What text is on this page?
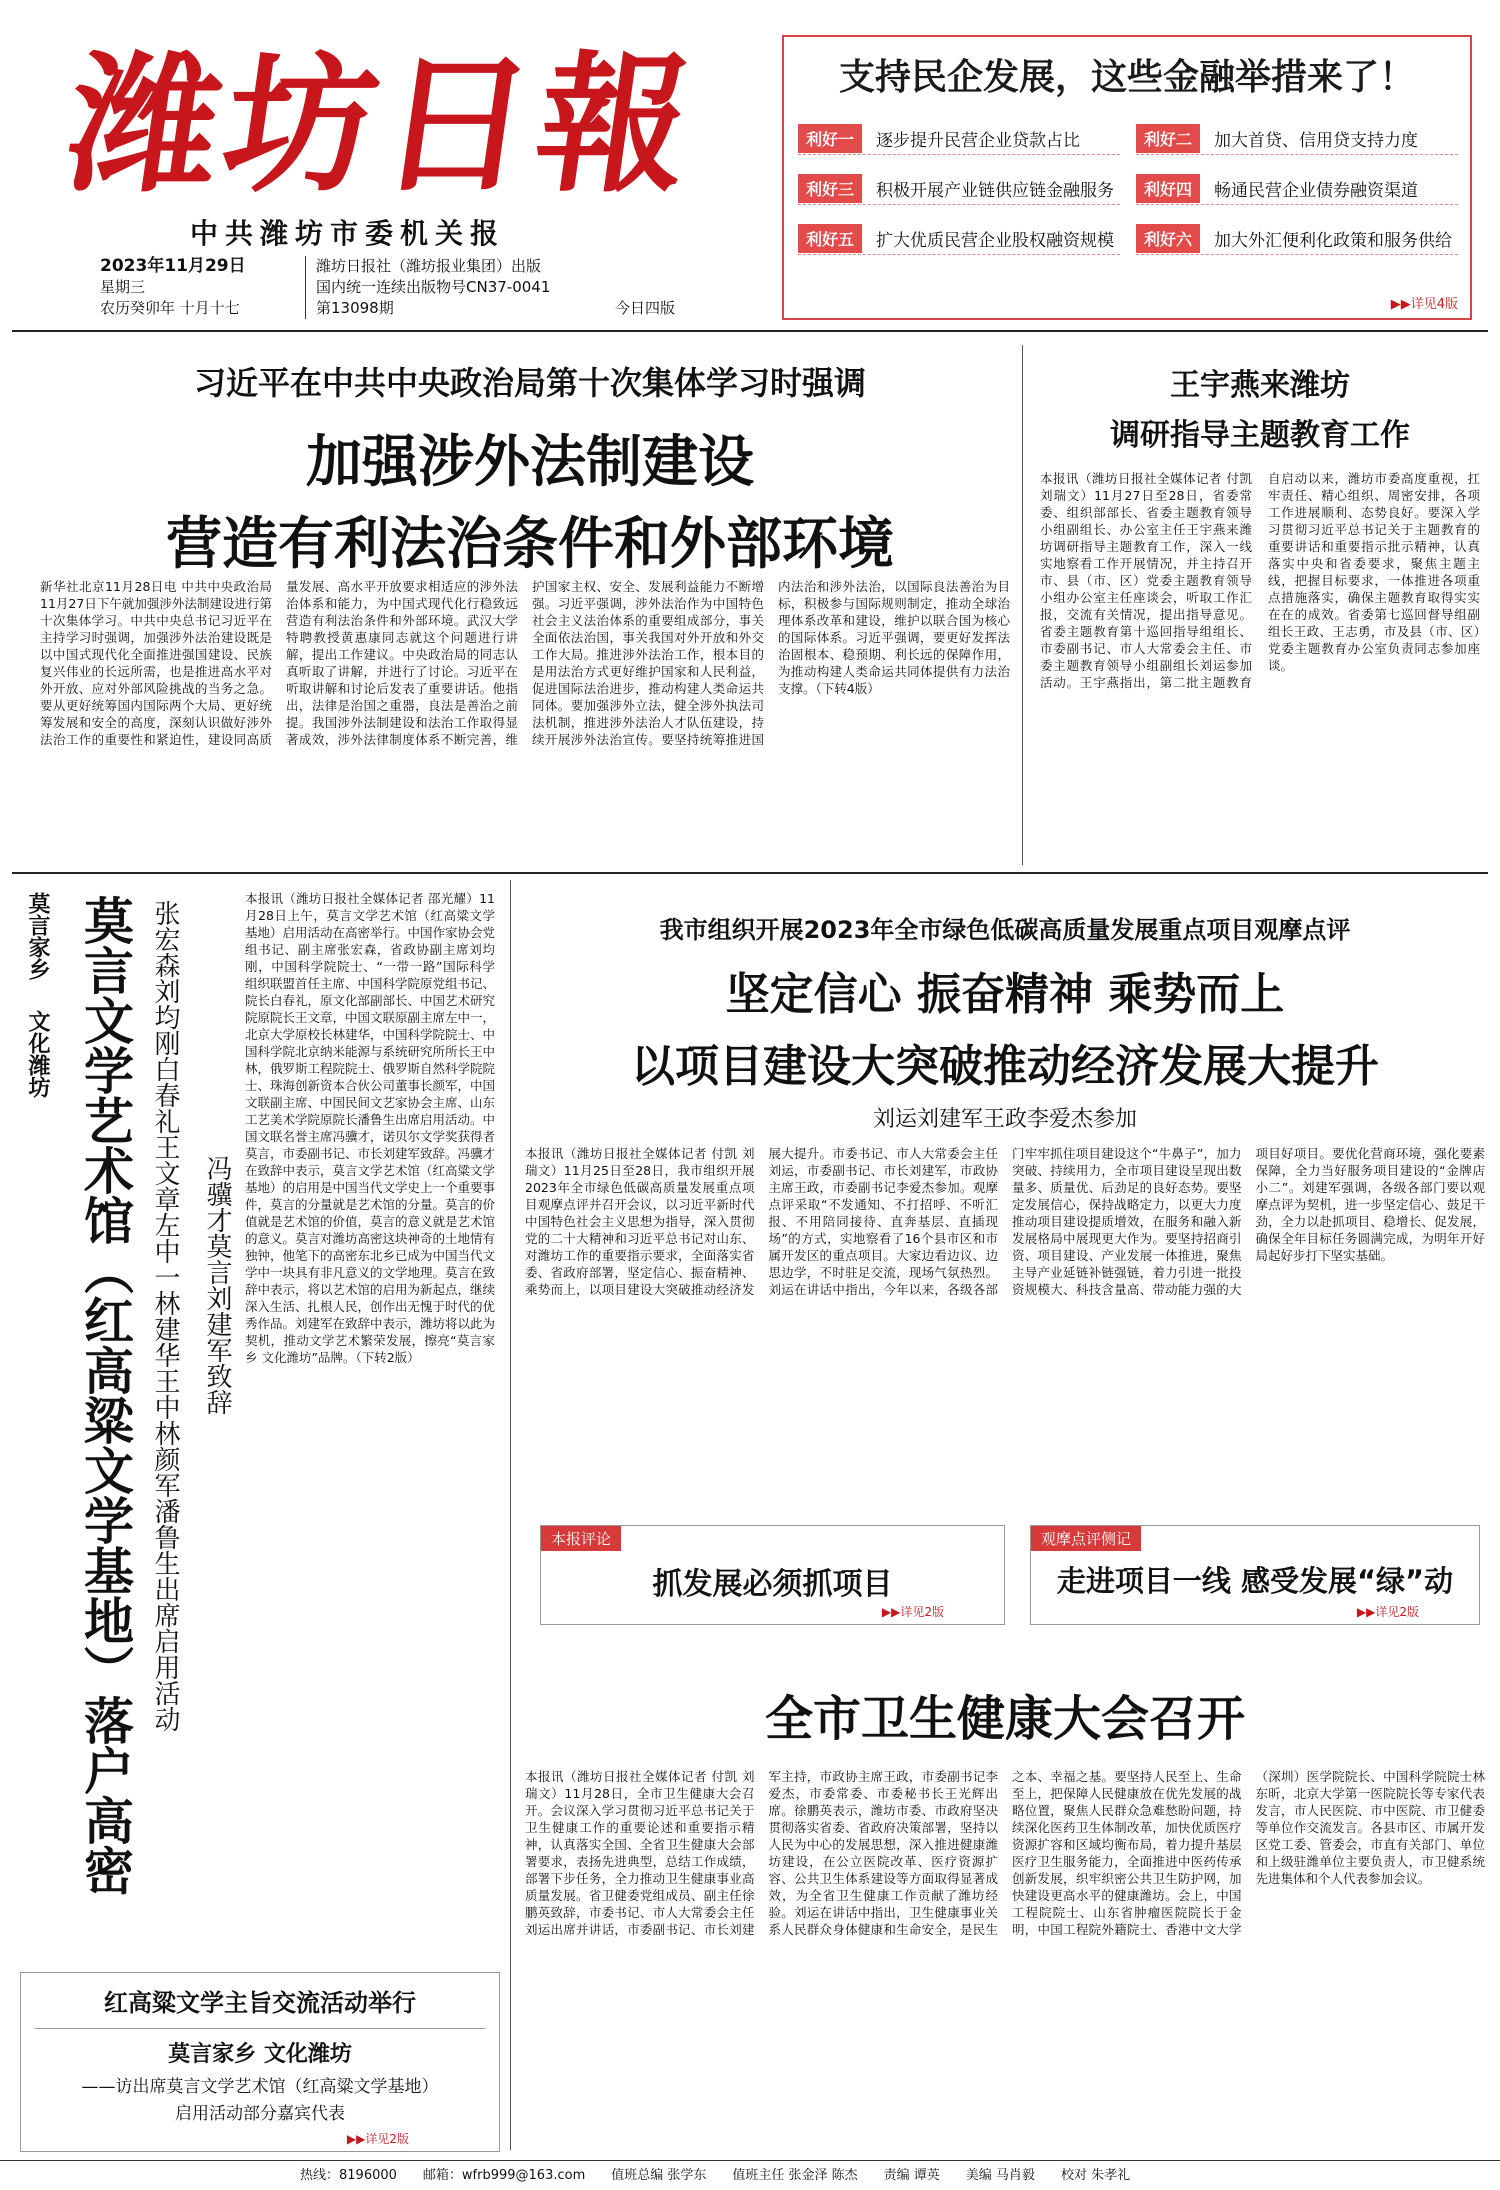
潍坊日報
中共潍坊市委机关报
2023年11月29日
星期三
农历癸卯年 十月十七
潍坊日报社（潍坊报业集团）出版
国内统一连续出版物号CN37-0041
第13098期	今日四版
支持民企发展，这些金融举措来了！
利好一	逐步提升民营企业贷款占比	利好二	加大首贷、信用贷支持力度
利好三	积极开展产业链供应链金融服务	利好四	畅通民营企业债券融资渠道
利好五	扩大优质民营企业股权融资规模	利好六	加大外汇便利化政策和服务供给
▶▶详见4版
习近平在中共中央政治局第十次集体学习时强调
加强涉外法制建设
营造有利法治条件和外部环境
新华社北京11月28日电 中共中央政治局11月27日下午就加强涉外法制建设进行第十次集体学习。中共中央总书记习近平在主持学习时强调，加强涉外法治建设既是以中国式现代化全面推进强国建设、民族复兴伟业的长远所需，也是推进高水平对外开放、应对外部风险挑战的当务之急。要从更好统筹国内国际两个大局、更好统筹发展和安全的高度，深刻认识做好涉外法治工作的重要性和紧迫性，建设同高质量发展、高水平开放要求相适应的涉外法治体系和能力，为中国式现代化行稳致远营造有利法治条件和外部环境。武汉大学特聘教授黄惠康同志就这个问题进行讲解，提出工作建议。中央政治局的同志认真听取了讲解，并进行了讨论。习近平在听取讲解和讨论后发表了重要讲话。他指出，法律是治国之重器，良法是善治之前提。我国涉外法制建设和法治工作取得显著成效，涉外法律制度体系不断完善，维护国家主权、安全、发展利益能力不断增强。习近平强调，涉外法治作为中国特色社会主义法治体系的重要组成部分，事关全面依法治国，事关我国对外开放和外交工作大局。推进涉外法治工作，根本目的是用法治方式更好维护国家和人民利益，促进国际法治进步，推动构建人类命运共同体。要加强涉外立法，健全涉外执法司法机制，推进涉外法治人才队伍建设，持续开展涉外法治宣传。要坚持统筹推进国内法治和涉外法治，以国际良法善治为目标，积极参与国际规则制定，推动全球治理体系改革和建设，维护以联合国为核心的国际体系。习近平强调，要更好发挥法治固根本、稳预期、利长远的保障作用，为推动构建人类命运共同体提供有力法治支撑。（下转4版）
王宇燕来潍坊
调研指导主题教育工作
本报讯（潍坊日报社全媒体记者 付凯 刘瑞文）11月27日至28日，省委常委、组织部部长、省委主题教育领导小组副组长、办公室主任王宇燕来潍坊调研指导主题教育工作，深入一线实地察看工作开展情况，并主持召开市、县（市、区）党委主题教育领导小组办公室主任座谈会，听取工作汇报，交流有关情况，提出指导意见。省委主题教育第十巡回指导组组长、市委副书记、市人大常委会主任、市委主题教育领导小组副组长刘运参加活动。王宇燕指出，第二批主题教育自启动以来，潍坊市委高度重视，扛牢责任、精心组织、周密安排，各项工作进展顺利、态势良好。要深入学习贯彻习近平总书记关于主题教育的重要讲话和重要指示批示精神，认真落实中央和省委要求，聚焦主题主线，把握目标要求，一体推进各项重点措施落实，确保主题教育取得实实在在的成效。省委第七巡回督导组副组长王政、王志勇，市及县（市、区）党委主题教育办公室负责同志参加座谈。
莫言家乡
文化潍坊 莫言文学艺术馆（红高粱文学基地）落户高密 张宏森刘均刚白春礼王文章左中一林建华王中林颜军潘鲁生出席启用活动 冯骥才莫言刘建军致辞
本报讯（潍坊日报社全媒体记者 邵光耀）11月28日上午，莫言文学艺术馆（红高粱文学基地）启用活动在高密举行。中国作家协会党组书记、副主席张宏森，省政协副主席刘均刚，中国科学院院士、“一带一路”国际科学组织联盟首任主席、中国科学院原党组书记、院长白春礼，原文化部副部长、中国艺术研究院原院长王文章，中国文联原副主席左中一，北京大学原校长林建华，中国科学院院士、中国科学院北京纳米能源与系统研究所所长王中林，俄罗斯工程院院士、俄罗斯自然科学院院士、珠海创新资本合伙公司董事长颜军，中国文联副主席、中国民间文艺家协会主席、山东工艺美术学院原院长潘鲁生出席启用活动。中国文联名誉主席冯骥才，诺贝尔文学奖获得者莫言，市委副书记、市长刘建军致辞。冯骥才在致辞中表示，莫言文学艺术馆（红高粱文学基地）的启用是中国当代文学史上一个重要事件，莫言的分量就是艺术馆的分量。莫言的价值就是艺术馆的价值，莫言的意义就是艺术馆的意义。莫言对潍坊高密这块神奇的土地情有独钟，他笔下的高密东北乡已成为中国当代文学中一块具有非凡意义的文学地理。莫言在致辞中表示，将以艺术馆的启用为新起点，继续深入生活、扎根人民，创作出无愧于时代的优秀作品。刘建军在致辞中表示，潍坊将以此为契机，推动文学艺术繁荣发展，擦亮“莫言家乡 文化潍坊”品牌。（下转2版）
红高粱文学主旨交流活动举行
莫言家乡 文化潍坊
——访出席莫言文学艺术馆（红高粱文学基地）
启用活动部分嘉宾代表
▶▶详见2版
我市组织开展2023年全市绿色低碳高质量发展重点项目观摩点评
坚定信心 振奋精神 乘势而上
以项目建设大突破推动经济发展大提升
刘运刘建军王政李爱杰参加
本报讯（潍坊日报社全媒体记者 付凯 刘瑞文）11月25日至28日，我市组织开展2023年全市绿色低碳高质量发展重点项目观摩点评并召开会议，以习近平新时代中国特色社会主义思想为指导，深入贯彻党的二十大精神和习近平总书记对山东、对潍坊工作的重要指示要求，全面落实省委、省政府部署，坚定信心、振奋精神、乘势而上，以项目建设大突破推动经济发展大提升。市委书记、市人大常委会主任刘运，市委副书记、市长刘建军，市政协主席王政，市委副书记李爱杰参加。观摩点评采取“不发通知、不打招呼、不听汇报、不用陪同接待、直奔基层、直插现场”的方式，实地察看了16个县市区和市属开发区的重点项目。大家边看边议、边思边学，不时驻足交流，现场气氛热烈。刘运在讲话中指出，今年以来，各级各部门牢牢抓住项目建设这个“牛鼻子”，加力突破、持续用力，全市项目建设呈现出数量多、质量优、后劲足的良好态势。要坚定发展信心，保持战略定力，以更大力度推动项目建设提质增效，在服务和融入新发展格局中展现更大作为。要坚持招商引资、项目建设、产业发展一体推进，聚焦主导产业延链补链强链，着力引进一批投资规模大、科技含量高、带动能力强的大项目好项目。要优化营商环境，强化要素保障，全力当好服务项目建设的“金牌店小二”。刘建军强调，各级各部门要以观摩点评为契机，进一步坚定信心、鼓足干劲，全力以赴抓项目、稳增长、促发展，确保全年目标任务圆满完成，为明年开好局起好步打下坚实基础。
本报评论
抓发展必须抓项目
▶▶详见2版
观摩点评侧记
走进项目一线 感受发展“绿”动
▶▶详见2版
全市卫生健康大会召开
本报讯（潍坊日报社全媒体记者 付凯 刘瑞文）11月28日，全市卫生健康大会召开。会议深入学习贯彻习近平总书记关于卫生健康工作的重要论述和重要指示精神，认真落实全国、全省卫生健康大会部署要求，表扬先进典型，总结工作成绩，部署下步任务，全力推动卫生健康事业高质量发展。省卫健委党组成员、副主任徐鹏英致辞，市委书记、市人大常委会主任刘运出席并讲话，市委副书记、市长刘建军主持，市政协主席王政，市委副书记李爱杰，市委常委、市委秘书长王光辉出席。徐鹏英表示，潍坊市委、市政府坚决贯彻落实省委、省政府决策部署，坚持以人民为中心的发展思想，深入推进健康潍坊建设，在公立医院改革、医疗资源扩容、公共卫生体系建设等方面取得显著成效，为全省卫生健康工作贡献了潍坊经验。刘运在讲话中指出，卫生健康事业关系人民群众身体健康和生命安全，是民生之本、幸福之基。要坚持人民至上、生命至上，把保障人民健康放在优先发展的战略位置，聚焦人民群众急难愁盼问题，持续深化医药卫生体制改革，加快优质医疗资源扩容和区域均衡布局，着力提升基层医疗卫生服务能力，全面推进中医药传承创新发展，织牢织密公共卫生防护网，加快建设更高水平的健康潍坊。会上，中国工程院院士、山东省肿瘤医院院长于金明，中国工程院外籍院士、香港中文大学（深圳）医学院院长、中国科学院院士林东昕，北京大学第一医院院长等专家代表发言，市人民医院、市中医院、市卫健委等单位作交流发言。各县市区、市属开发区党工委、管委会，市直有关部门、单位和上级驻潍单位主要负责人，市卫健系统先进集体和个人代表参加会议。
热线：8196000 邮箱：wfrb999@163.com 值班总编 张学东 值班主任 张金泽 陈杰 责编 谭英 美编 马肖毅 校对 朱孝礼
